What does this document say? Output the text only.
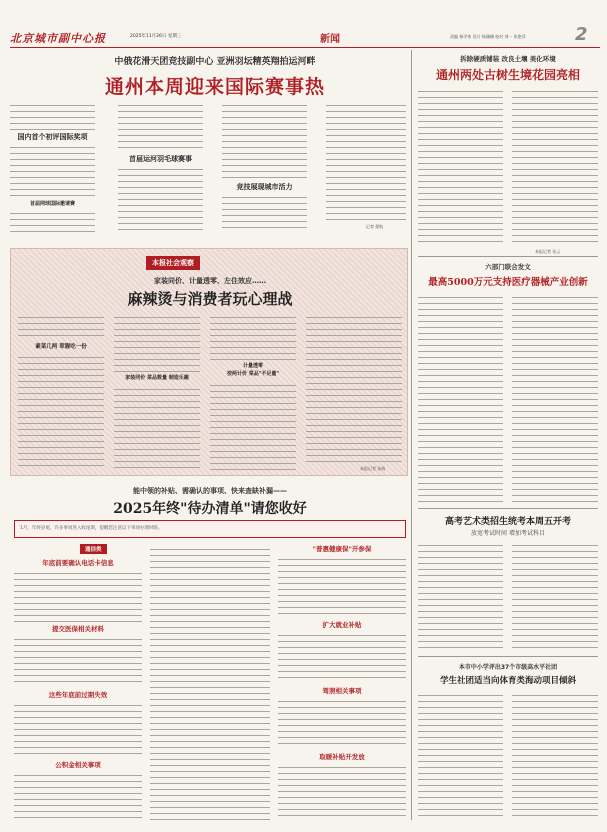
北京城市副中心报	2025年11月26日 星期三	新闻	责编 杨学伟 设计 杨珊珊 校对 刘一 张艳萍	2
中俄花滑天团竞技副中心 亚洲羽坛精英翔拍运河畔
通州本周迎来国际赛事热
国内首个初评国际奖项
首届网球国际邀请赛
首届运河羽毛球赛事
竞技展现城市活力
记者 徐航
拆除硬质铺装 改良土壤 美化环境
通州两处古树生境花园亮相
本报记者 张云
本报社会观察
家装同价、计量透零、左住效应……
麻辣烫与消费者玩心理战
素菜几两 荤腥吃一份
家装同价 菜品数量 制造乐趣
计量透零
按两计价 菜品"不足量"
本报记者 张萌
能中领的补贴、需确认的事项、快来查缺补漏——
2025年终"待办清单"请您收好
1月，年终岁尾，许多事项进入收尾期，提醒您注意以下事项办理时限。
通信类
年底前要确认电话卡信息
提交医保相关材料
这些年底前过期失效
公积金相关事项
"普惠健康保"开参保
扩大就业补贴
驾照相关事项
取暖补贴开发放
六部门联合发文
最高5000万元支持医疗器械产业创新
高考艺术类招生统考本周五开考
放宽考试时间 增加考试科目
本市中小学评出37个市级高水平社团
学生社团适当向体育类海动项目倾斜
